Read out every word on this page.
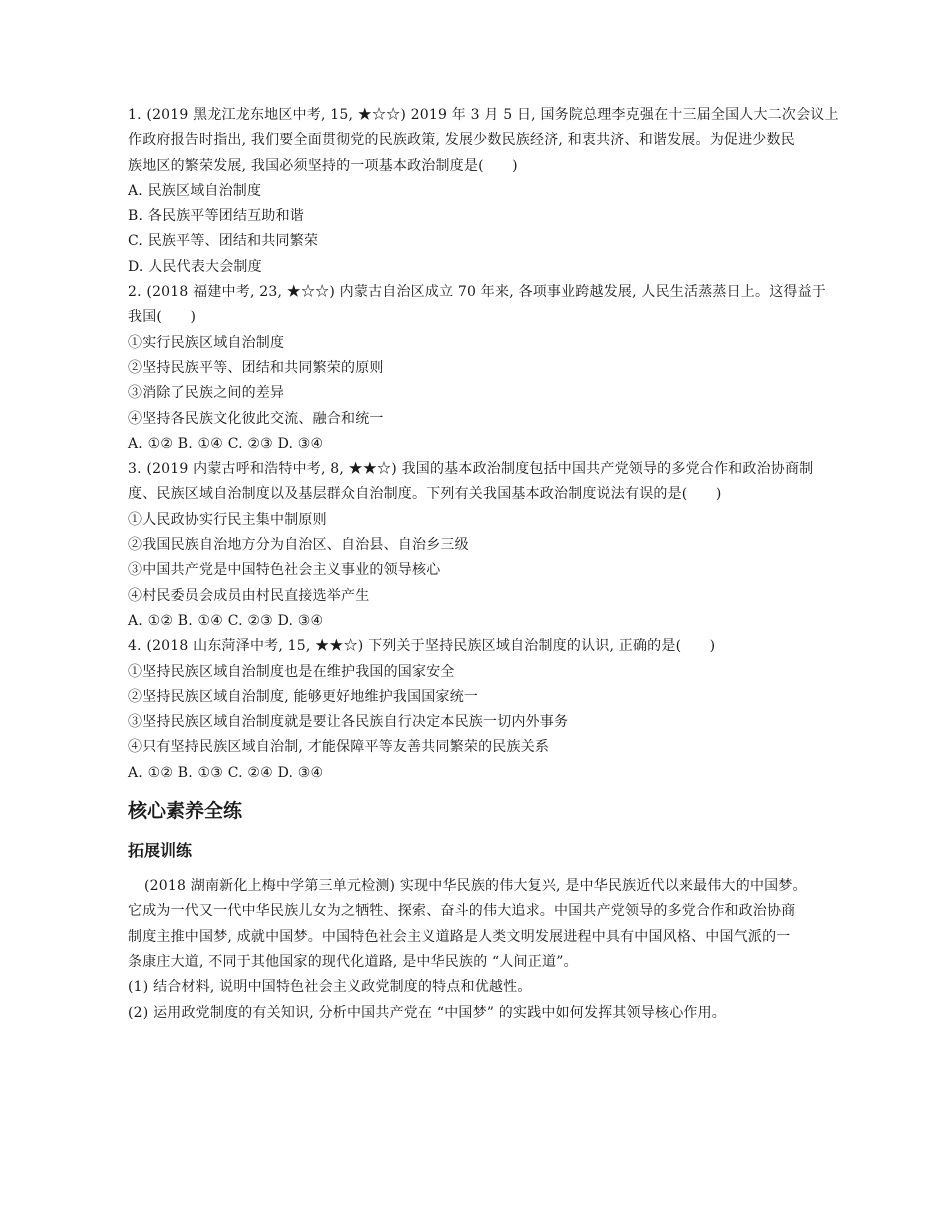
1. (2019 黑龙江龙东地区中考, 15, ★☆☆) 2019 年 3 月 5 日, 国务院总理李克强在十三届全国人大二次会议上
作政府报告时指出, 我们要全面贯彻党的民族政策, 发展少数民族经济, 和衷共济、和谐发展。为促进少数民
族地区的繁荣发展, 我国必须坚持的一项基本政治制度是(　　)
A. 民族区域自治制度
B. 各民族平等团结互助和谐
C. 民族平等、团结和共同繁荣
D. 人民代表大会制度
2. (2018 福建中考, 23, ★☆☆) 内蒙古自治区成立 70 年来, 各项事业跨越发展, 人民生活蒸蒸日上。这得益于
我国(　　)
①实行民族区域自治制度
②坚持民族平等、团结和共同繁荣的原则
③消除了民族之间的差异
④坚持各民族文化彼此交流、融合和统一
A. ①② B. ①④ C. ②③ D. ③④
3. (2019 内蒙古呼和浩特中考, 8, ★★☆) 我国的基本政治制度包括中国共产党领导的多党合作和政治协商制
度、民族区域自治制度以及基层群众自治制度。下列有关我国基本政治制度说法有误的是(　　)
①人民政协实行民主集中制原则
②我国民族自治地方分为自治区、自治县、自治乡三级
③中国共产党是中国特色社会主义事业的领导核心
④村民委员会成员由村民直接选举产生
A. ①② B. ①④ C. ②③ D. ③④
4. (2018 山东菏泽中考, 15, ★★☆) 下列关于坚持民族区域自治制度的认识, 正确的是(　　)
①坚持民族区域自治制度也是在维护我国的国家安全
②坚持民族区域自治制度, 能够更好地维护我国国家统一
③坚持民族区域自治制度就是要让各民族自行决定本民族一切内外事务
④只有坚持民族区域自治制, 才能保障平等友善共同繁荣的民族关系
A. ①② B. ①③ C. ②④ D. ③④
核心素养全练
拓展训练
(2018 湖南新化上梅中学第三单元检测) 实现中华民族的伟大复兴, 是中华民族近代以来最伟大的中国梦。
它成为一代又一代中华民族儿女为之牺牲、探索、奋斗的伟大追求。中国共产党领导的多党合作和政治协商
制度主推中国梦, 成就中国梦。中国特色社会主义道路是人类文明发展进程中具有中国风格、中国气派的一
条康庄大道, 不同于其他国家的现代化道路, 是中华民族的 “人间正道”。
(1) 结合材料, 说明中国特色社会主义政党制度的特点和优越性。
(2) 运用政党制度的有关知识, 分析中国共产党在 “中国梦” 的实践中如何发挥其领导核心作用。
